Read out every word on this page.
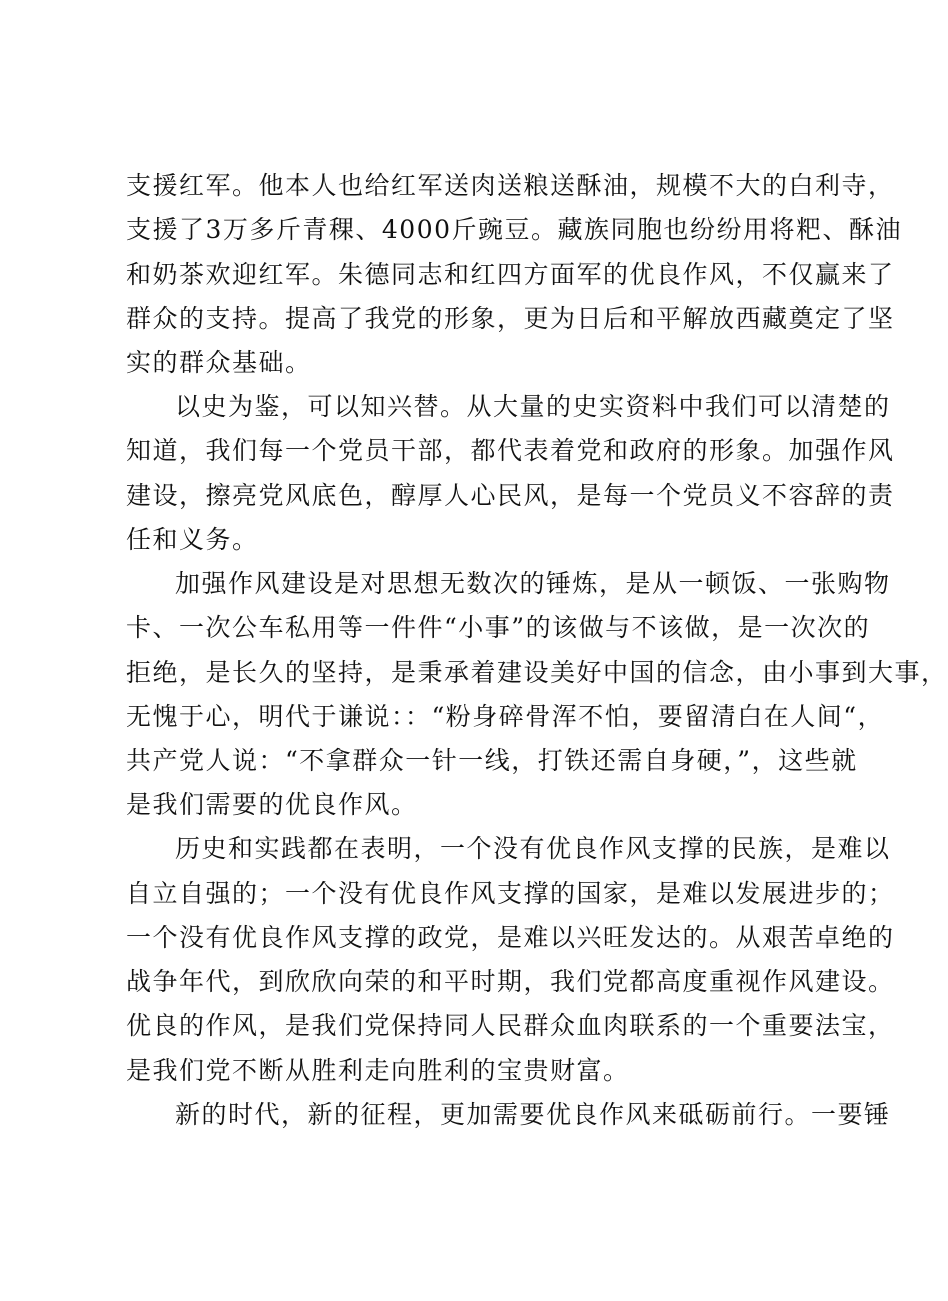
支援红军。他本人也给红军送肉送粮送酥油，规模不大的白利寺，
支援了3万多斤青稞、4000斤豌豆。藏族同胞也纷纷用将粑、酥油
和奶茶欢迎红军。朱德同志和红四方面军的优良作风，不仅赢来了
群众的支持。提高了我党的形象，更为日后和平解放西藏奠定了坚
实的群众基础。
以史为鉴，可以知兴替。从大量的史实资料中我们可以清楚的
知道，我们每一个党员干部，都代表着党和政府的形象。加强作风
建设，擦亮党风底色，醇厚人心民风，是每一个党员义不容辞的责
任和义务。
加强作风建设是对思想无数次的锤炼，是从一顿饭、一张购物
卡、一次公车私用等一件件“小事”的该做与不该做，是一次次的
拒绝，是长久的坚持，是秉承着建设美好中国的信念，由小事到大事，
无愧于心，明代于谦说：：“粉身碎骨浑不怕，要留清白在人间“，
共产党人说：“不拿群众一针一线，打铁还需自身硬，”，这些就
是我们需要的优良作风。
历史和实践都在表明，一个没有优良作风支撑的民族，是难以
自立自强的；一个没有优良作风支撑的国家，是难以发展进步的；
一个没有优良作风支撑的政党，是难以兴旺发达的。从艰苦卓绝的
战争年代，到欣欣向荣的和平时期，我们党都高度重视作风建设。
优良的作风，是我们党保持同人民群众血肉联系的一个重要法宝，
是我们党不断从胜利走向胜利的宝贵财富。
新的时代，新的征程，更加需要优良作风来砥砺前行。一要锤
